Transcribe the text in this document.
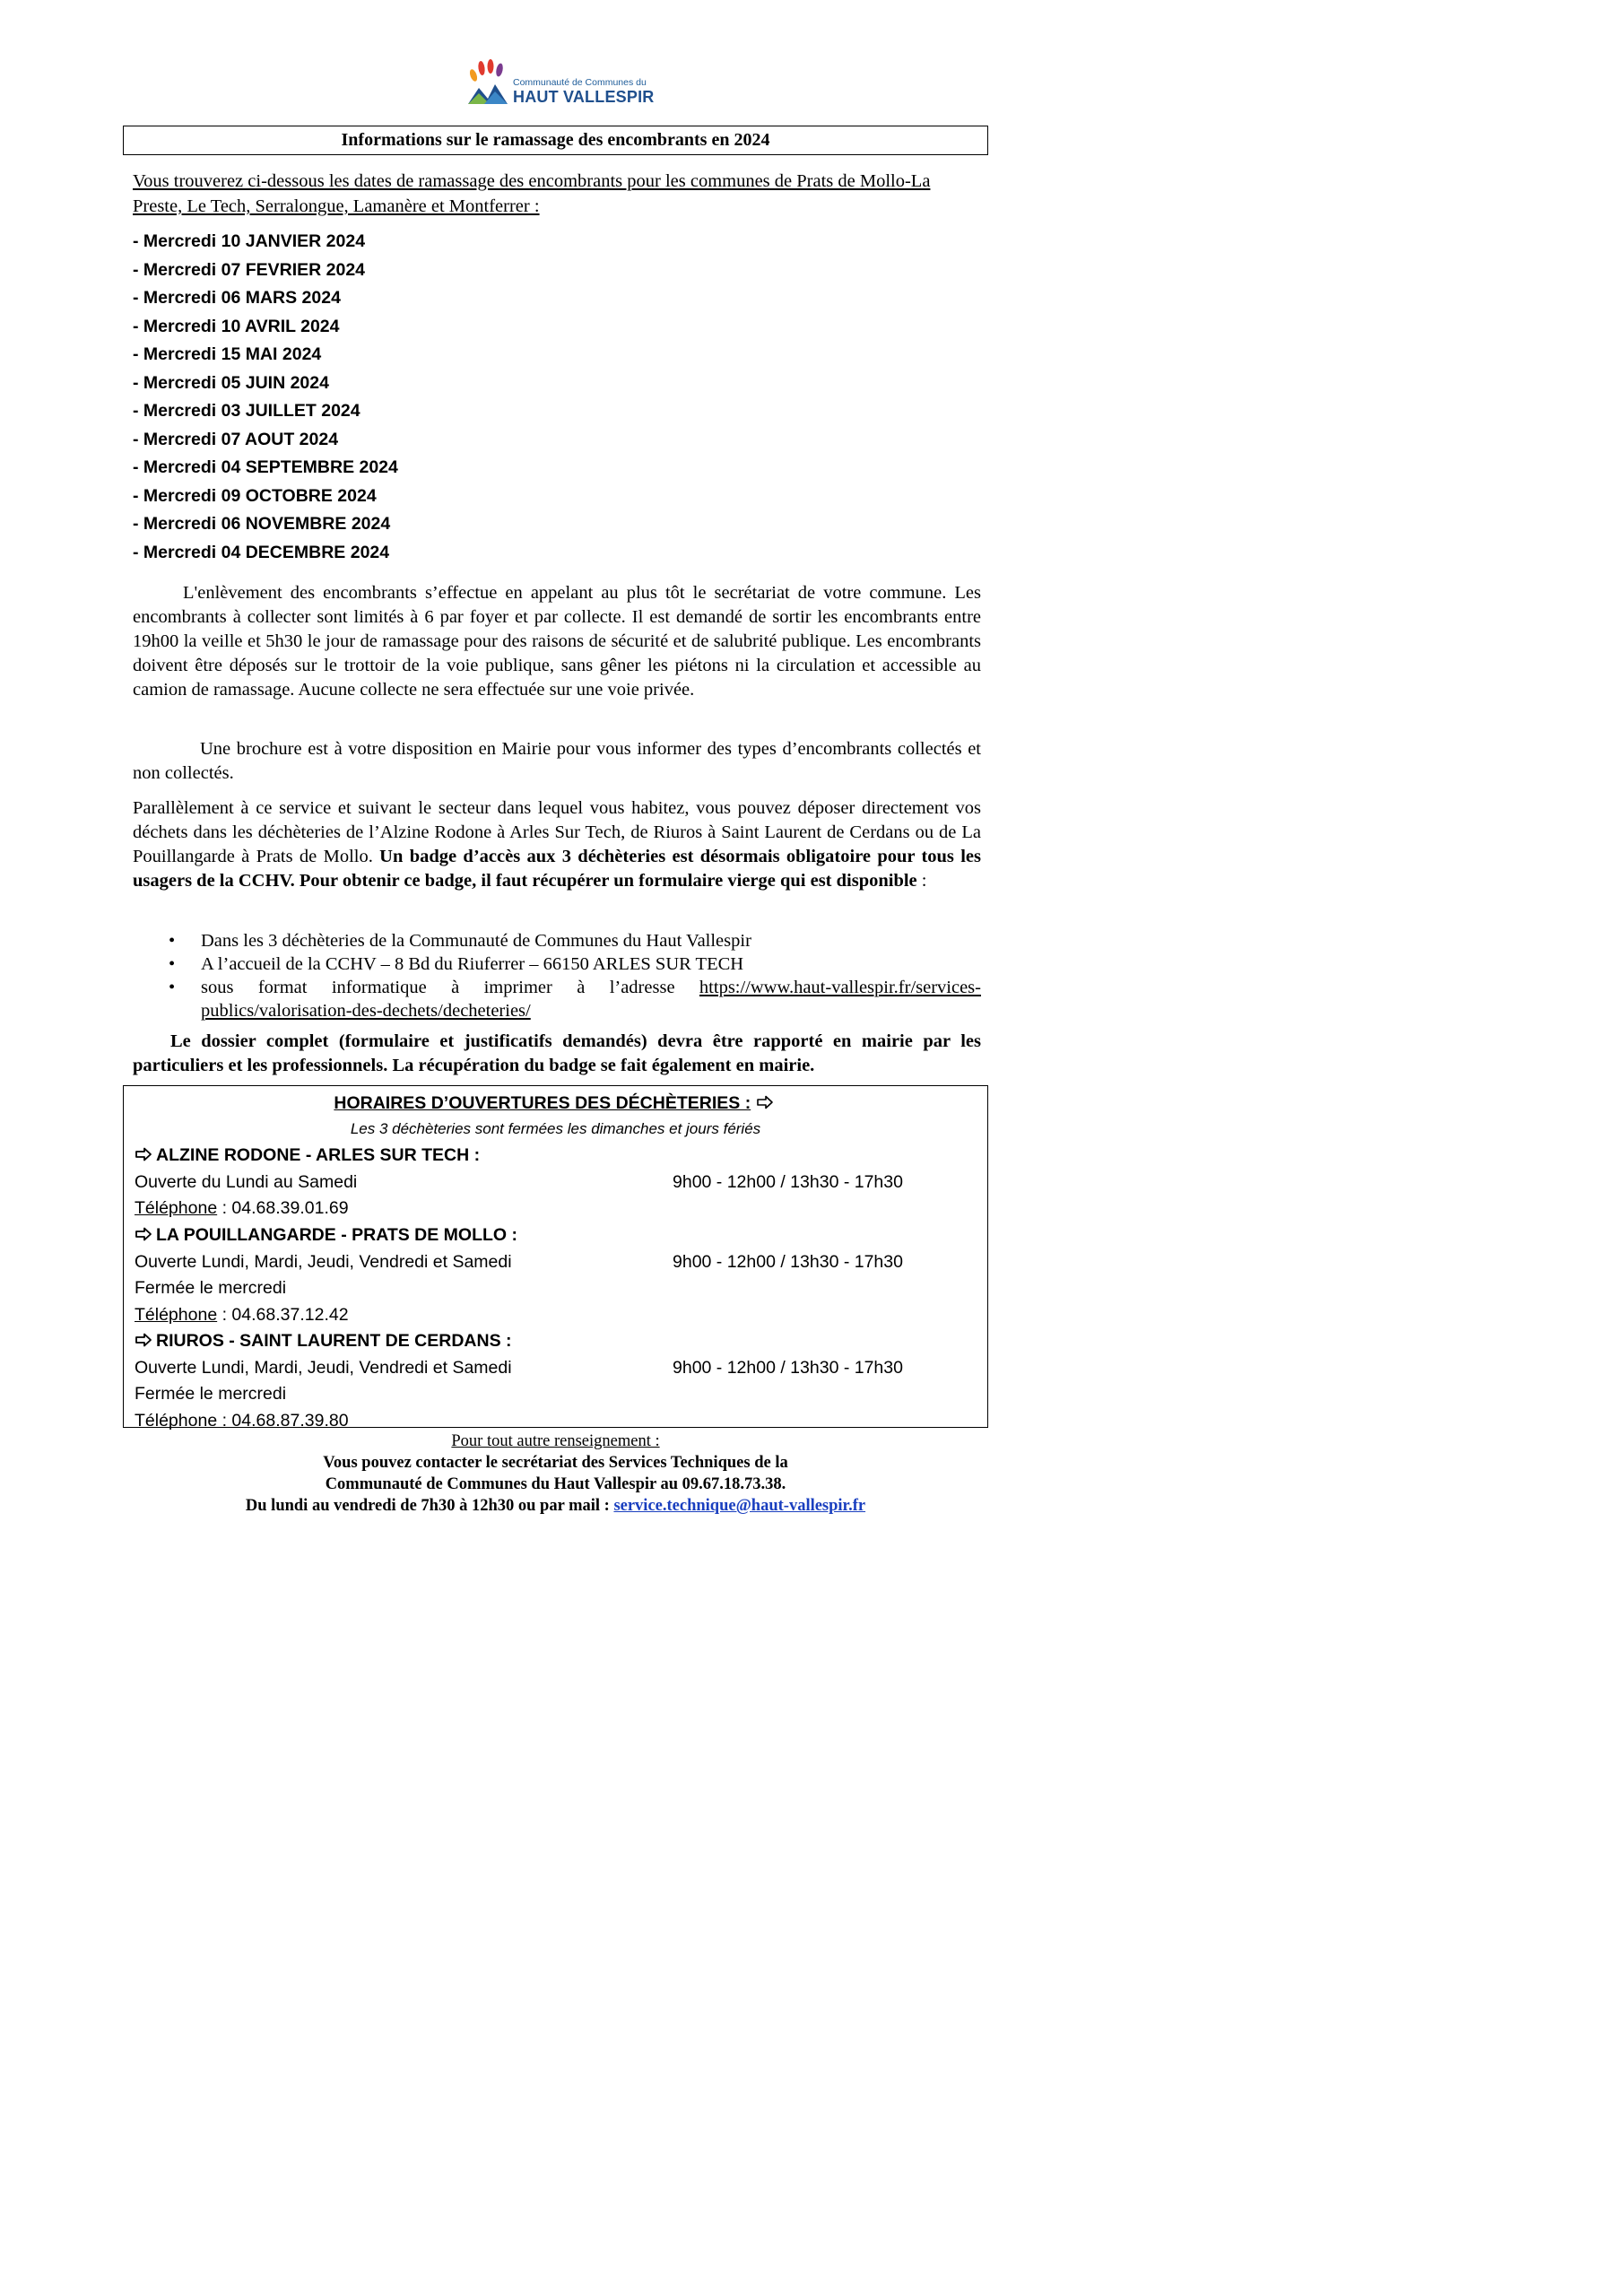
Communauté de Communes du
HAUT VALLESPIR
Informations sur le ramassage des encombrants en 2024
Vous trouverez ci-dessous les dates de ramassage des encombrants pour les communes de Prats de Mollo-La Preste, Le Tech, Serralongue, Lamanère et Montferrer :
- Mercredi 10 JANVIER 2024
- Mercredi 07 FEVRIER 2024
- Mercredi 06 MARS 2024
- Mercredi 10 AVRIL 2024
- Mercredi 15 MAI 2024
- Mercredi 05 JUIN 2024
- Mercredi 03 JUILLET 2024
- Mercredi 07 AOUT 2024
- Mercredi 04 SEPTEMBRE 2024
- Mercredi 09 OCTOBRE 2024
- Mercredi 06 NOVEMBRE 2024
- Mercredi 04 DECEMBRE 2024

L'enlèvement des encombrants s’effectue en appelant au plus tôt le secrétariat de votre commune. Les encombrants à collecter sont limités à 6 par foyer et par collecte. Il est demandé de sortir les encombrants entre 19h00 la veille et 5h30 le jour de ramassage pour des raisons de sécurité et de salubrité publique. Les encombrants doivent être déposés sur le trottoir de la voie publique, sans gêner les piétons ni la circulation et accessible au camion de ramassage. Aucune collecte ne sera effectuée sur une voie privée.

Une brochure est à votre disposition en Mairie pour vous informer des types d’encombrants collectés et non collectés.

Parallèlement à ce service et suivant le secteur dans lequel vous habitez, vous pouvez déposer directement vos déchets dans les déchèteries de l’Alzine Rodone à Arles Sur Tech, de Riuros à Saint Laurent de Cerdans ou de La Pouillangarde à Prats de Mollo. Un badge d’accès aux 3 déchèteries est désormais obligatoire pour tous les usagers de la CCHV. Pour obtenir ce badge, il faut récupérer un formulaire vierge qui est disponible :

• Dans les 3 déchèteries de la Communauté de Communes du Haut Vallespir
• A l’accueil de la CCHV – 8 Bd du Riuferrer – 66150 ARLES SUR TECH
• sous format informatique à imprimer à l’adresse https://www.haut-vallespir.fr/services-publics/valorisation-des-dechets/decheteries/

Le dossier complet (formulaire et justificatifs demandés) devra être rapporté en mairie par les particuliers et les professionnels. La récupération du badge se fait également en mairie.

HORAIRES D’OUVERTURES DES DÉCHÈTERIES :
Les 3 déchèteries sont fermées les dimanches et jours fériés
ALZINE RODONE - ARLES SUR TECH :
Ouverte du Lundi au Samedi	9h00 - 12h00 / 13h30 - 17h30
Téléphone : 04.68.39.01.69
LA POUILLANGARDE - PRATS DE MOLLO :
Ouverte Lundi, Mardi, Jeudi, Vendredi et Samedi	9h00 - 12h00 / 13h30 - 17h30
Fermée le mercredi
Téléphone : 04.68.37.12.42
RIUROS - SAINT LAURENT DE CERDANS :
Ouverte Lundi, Mardi, Jeudi, Vendredi et Samedi	9h00 - 12h00 / 13h30 - 17h30
Fermée le mercredi
Téléphone : 04.68.87.39.80
Pour tout autre renseignement :
Vous pouvez contacter le secrétariat des Services Techniques de la
Communauté de Communes du Haut Vallespir au 09.67.18.73.38.
Du lundi au vendredi de 7h30 à 12h30 ou par mail : service.technique@haut-vallespir.fr
